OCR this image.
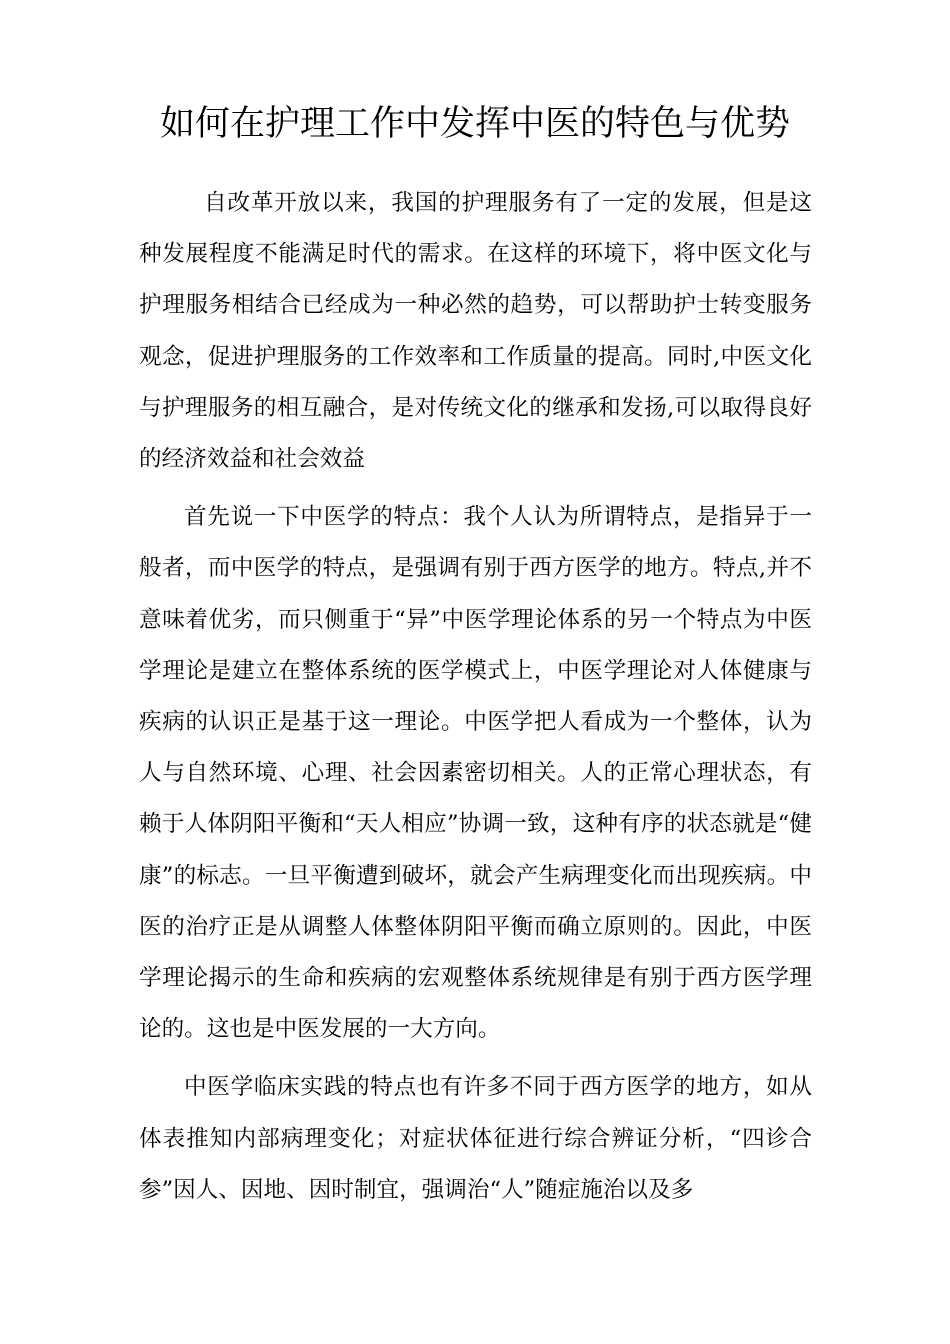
如何在护理工作中发挥中医的特色与优势

自改革开放以来，我国的护理服务有了一定的发展，但是这种发展程度不能满足时代的需求。在这样的环境下，将中医文化与护理服务相结合已经成为一种必然的趋势，可以帮助护士转变服务观念，促进护理服务的工作效率和工作质量的提高。同时,中医文化与护理服务的相互融合，是对传统文化的继承和发扬,可以取得良好的经济效益和社会效益

首先说一下中医学的特点：我个人认为所谓特点，是指异于一般者，而中医学的特点，是强调有别于西方医学的地方。特点,并不意味着优劣，而只侧重于“异”中医学理论体系的另一个特点为中医学理论是建立在整体系统的医学模式上，中医学理论对人体健康与疾病的认识正是基于这一理论。中医学把人看成为一个整体，认为人与自然环境、心理、社会因素密切相关。人的正常心理状态，有赖于人体阴阳平衡和“天人相应”协调一致，这种有序的状态就是“健康”的标志。一旦平衡遭到破坏，就会产生病理变化而出现疾病。中医的治疗正是从调整人体整体阴阳平衡而确立原则的。因此，中医学理论揭示的生命和疾病的宏观整体系统规律是有别于西方医学理论的。这也是中医发展的一大方向。

中医学临床实践的特点也有许多不同于西方医学的地方，如从体表推知内部病理变化；对症状体征进行综合辨证分析，“四诊合参”因人、因地、因时制宜，强调治“人”随症施治以及多
